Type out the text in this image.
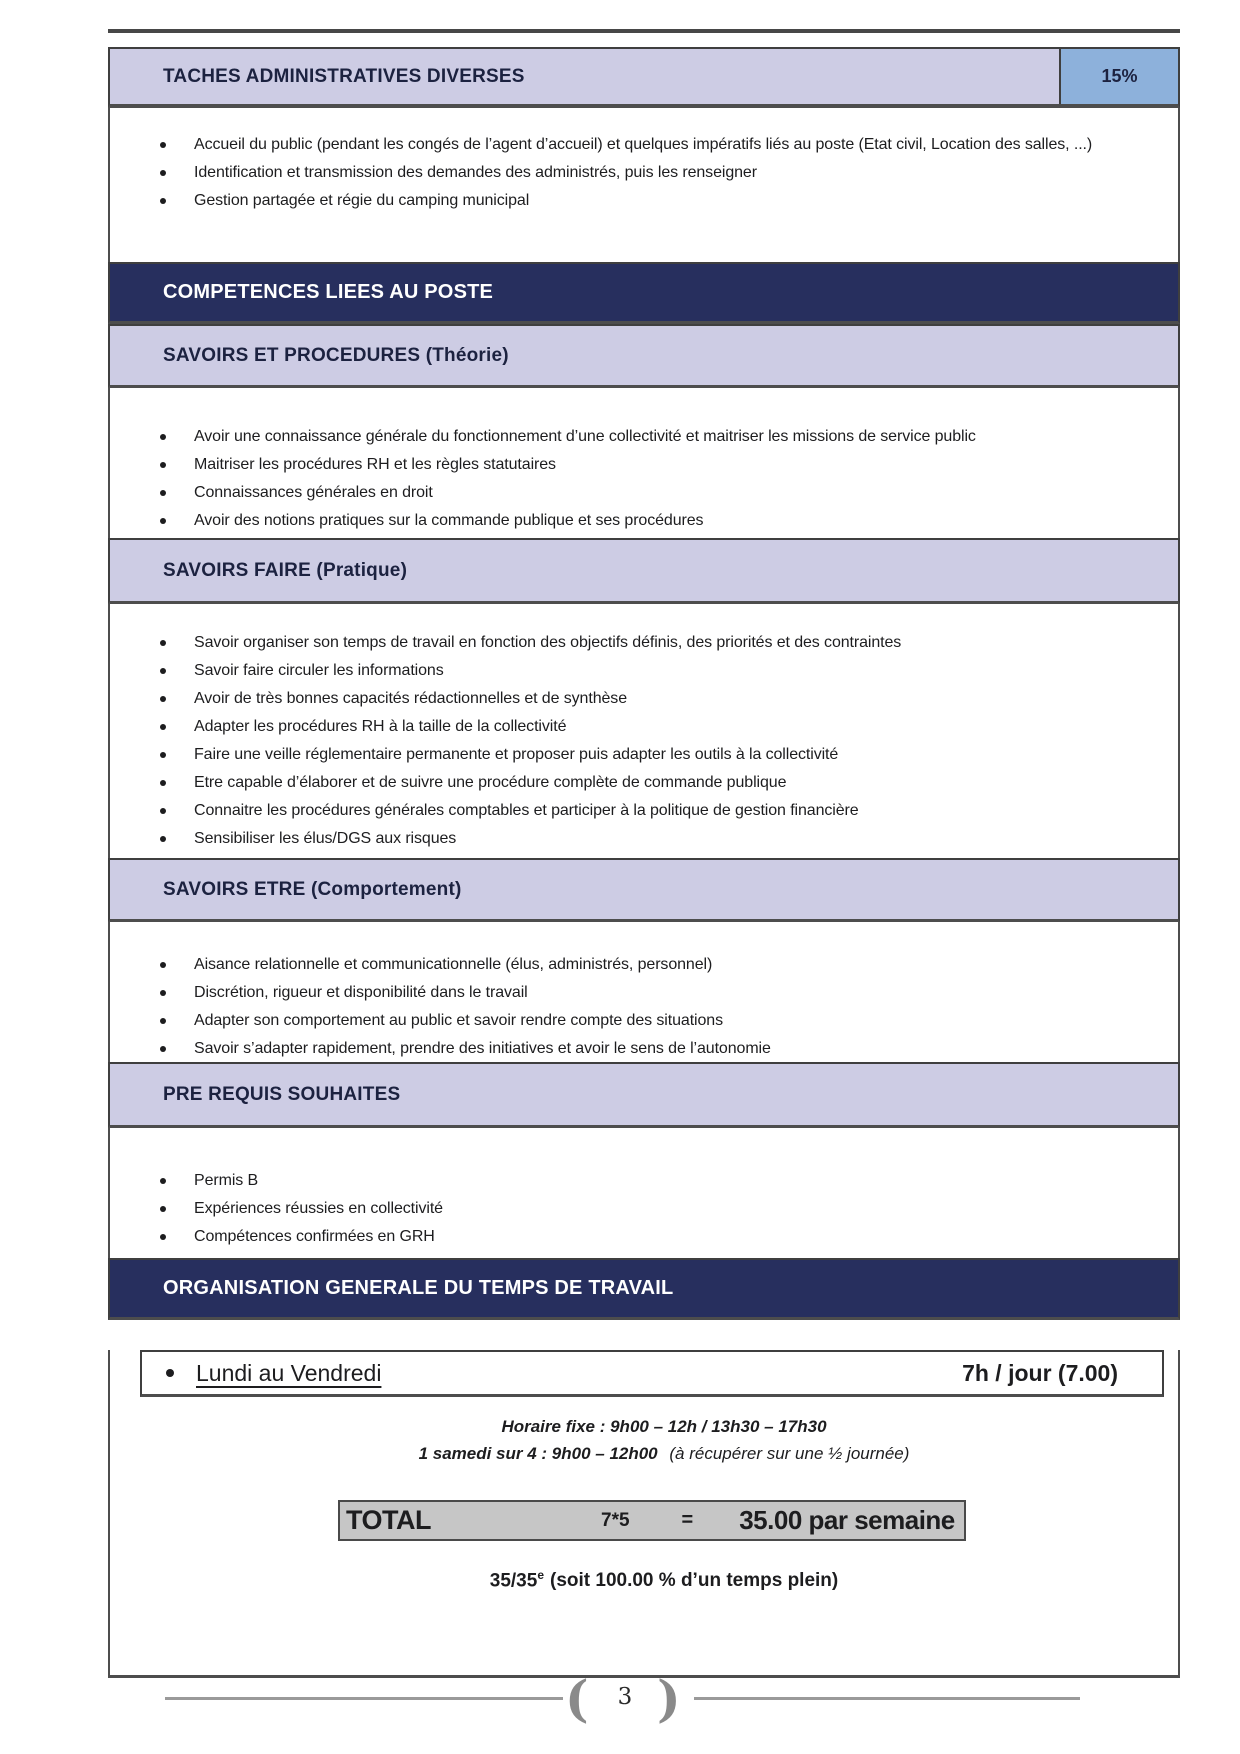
TACHES ADMINISTRATIVES DIVERSES	15%
Accueil du public (pendant les congés de l’agent d’accueil) et quelques impératifs liés au poste (Etat civil, Location des salles, ...)
Identification et transmission des demandes des administrés, puis les renseigner
Gestion partagée et régie du camping municipal
COMPETENCES LIEES AU POSTE
SAVOIRS ET PROCEDURES (Théorie)
Avoir une connaissance générale du fonctionnement d’une collectivité et maitriser les missions de service public
Maitriser les procédures RH et les règles statutaires
Connaissances générales en droit
Avoir des notions pratiques sur la commande publique et ses procédures
SAVOIRS FAIRE (Pratique)
Savoir organiser son temps de travail en fonction des objectifs définis, des priorités et des contraintes
Savoir faire circuler les informations
Avoir de très bonnes capacités rédactionnelles et de synthèse
Adapter les procédures RH à la taille de la collectivité
Faire une veille réglementaire permanente et proposer puis adapter les outils à la collectivité
Etre capable d’élaborer et de suivre une procédure complète de commande publique
Connaitre les procédures générales comptables et participer à la politique de gestion financière
Sensibiliser les élus/DGS aux risques
SAVOIRS ETRE (Comportement)
Aisance relationnelle et communicationnelle (élus, administrés, personnel)
Discrétion, rigueur et disponibilité dans le travail
Adapter son comportement au public et savoir rendre compte des situations
Savoir s’adapter rapidement, prendre des initiatives et avoir le sens de l’autonomie
PRE REQUIS SOUHAITES
Permis B
Expériences réussies en collectivité
Compétences confirmées en GRH
ORGANISATION GENERALE DU TEMPS DE TRAVAIL
Lundi au Vendredi	7h / jour (7.00)
Horaire fixe : 9h00 – 12h / 13h30 – 17h30
1 samedi sur 4 : 9h00 – 12h00 (à récupérer sur une ½ journée)
TOTAL	7*5	= 35.00 par semaine
35/35e (soit 100.00 % d’un temps plein)
(	3 )
